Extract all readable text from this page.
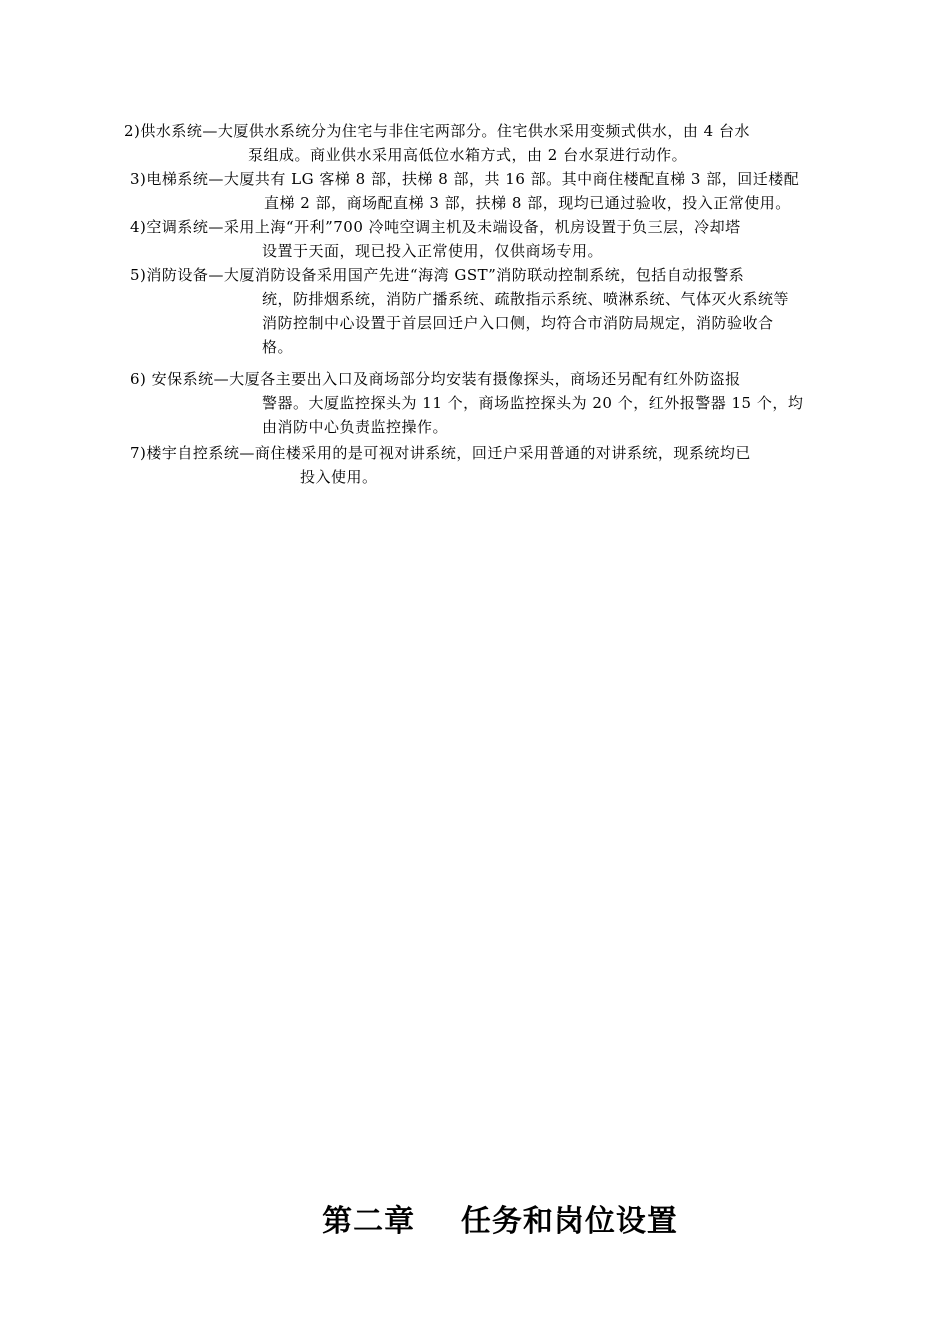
2)供水系统—大厦供水系统分为住宅与非住宅两部分。住宅供水采用变频式供水，由 4 台水
泵组成。商业供水采用高低位水箱方式，由 2 台水泵进行动作。
3)电梯系统—大厦共有 LG 客梯 8 部，扶梯 8 部，共 16 部。其中商住楼配直梯 3 部，回迁楼配
直梯 2 部，商场配直梯 3 部，扶梯 8 部，现均已通过验收，投入正常使用。
4)空调系统—采用上海“开利”700 冷吨空调主机及未端设备，机房设置于负三层，冷却塔
设置于天面，现已投入正常使用，仅供商场专用。
5)消防设备—大厦消防设备采用国产先进“海湾 GST”消防联动控制系统，包括自动报警系
统，防排烟系统，消防广播系统、疏散指示系统、喷淋系统、气体灭火系统等
消防控制中心设置于首层回迁户入口侧，均符合市消防局规定，消防验收合
格。
6) 安保系统—大厦各主要出入口及商场部分均安装有摄像探头，商场还另配有红外防盗报
警器。大厦监控探头为 11 个，商场监控探头为 20 个，红外报警器 15 个，均
由消防中心负责监控操作。
7)楼宇自控系统—商住楼采用的是可视对讲系统，回迁户采用普通的对讲系统，现系统均已
投入使用。
第二章    任务和岗位设置
